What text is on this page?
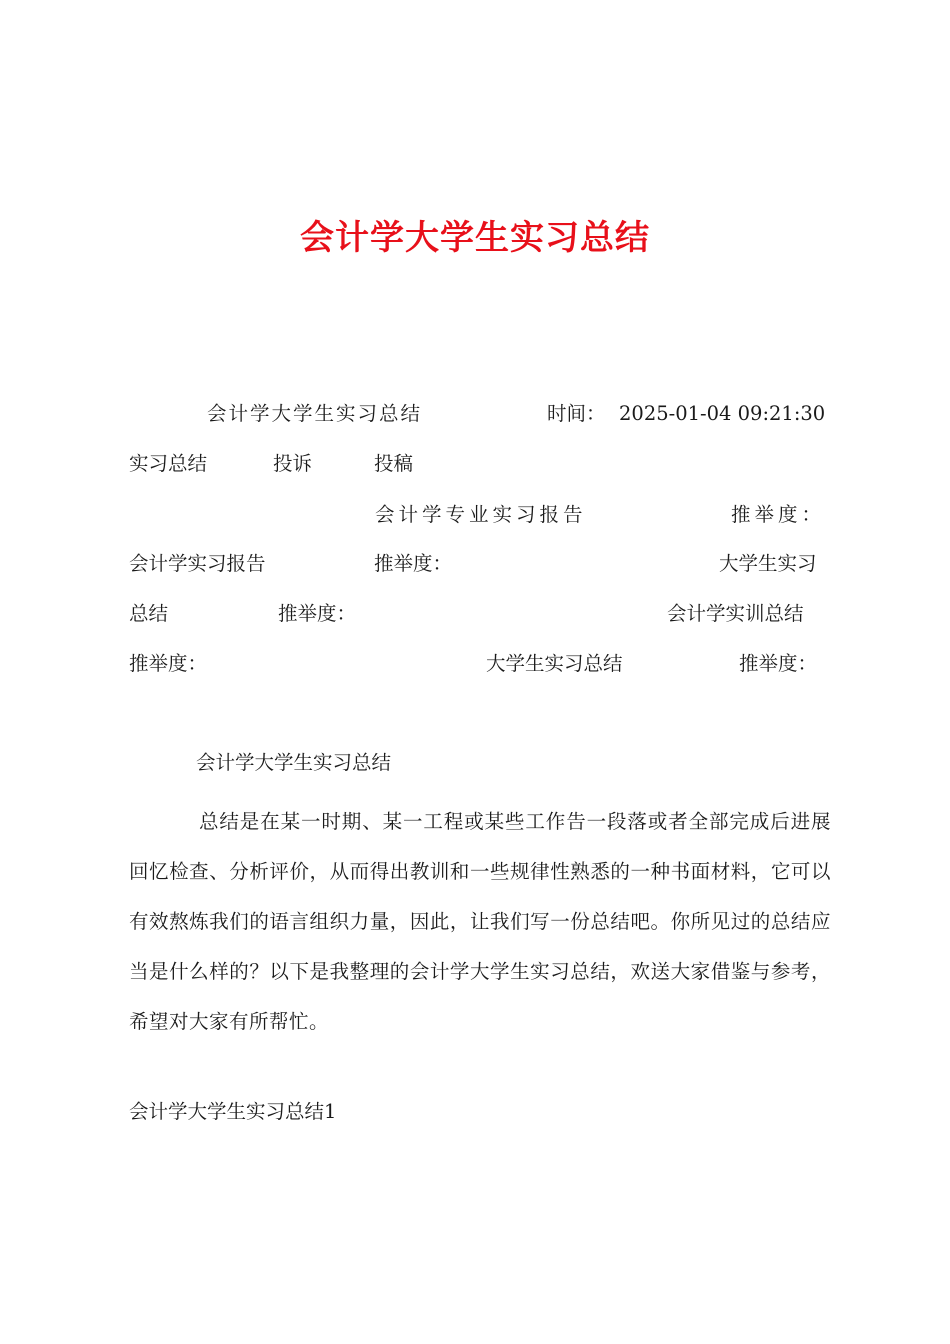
会计学大学生实习总结
会计学大学生实习总结	时间： 2025-01-04 09:21:30
实习总结	投诉	投稿
会计学专业实习报告	推举度：
会计学实习报告	推举度：	大学生实习
总结	推举度：	会计学实训总结
推举度：	大学生实习总结	推举度：
会计学大学生实习总结
总结是在某一时期、某一工程或某些工作告一段落或者全部完成后进展回忆检查、分析评价，从而得出教训和一些规律性熟悉的一种书面材料，它可以有效熬炼我们的语言组织力量，因此，让我们写一份总结吧。你所见过的总结应当是什么样的？以下是我整理的会计学大学生实习总结，欢送大家借鉴与参考，希望对大家有所帮忙。
会计学大学生实习总结1
